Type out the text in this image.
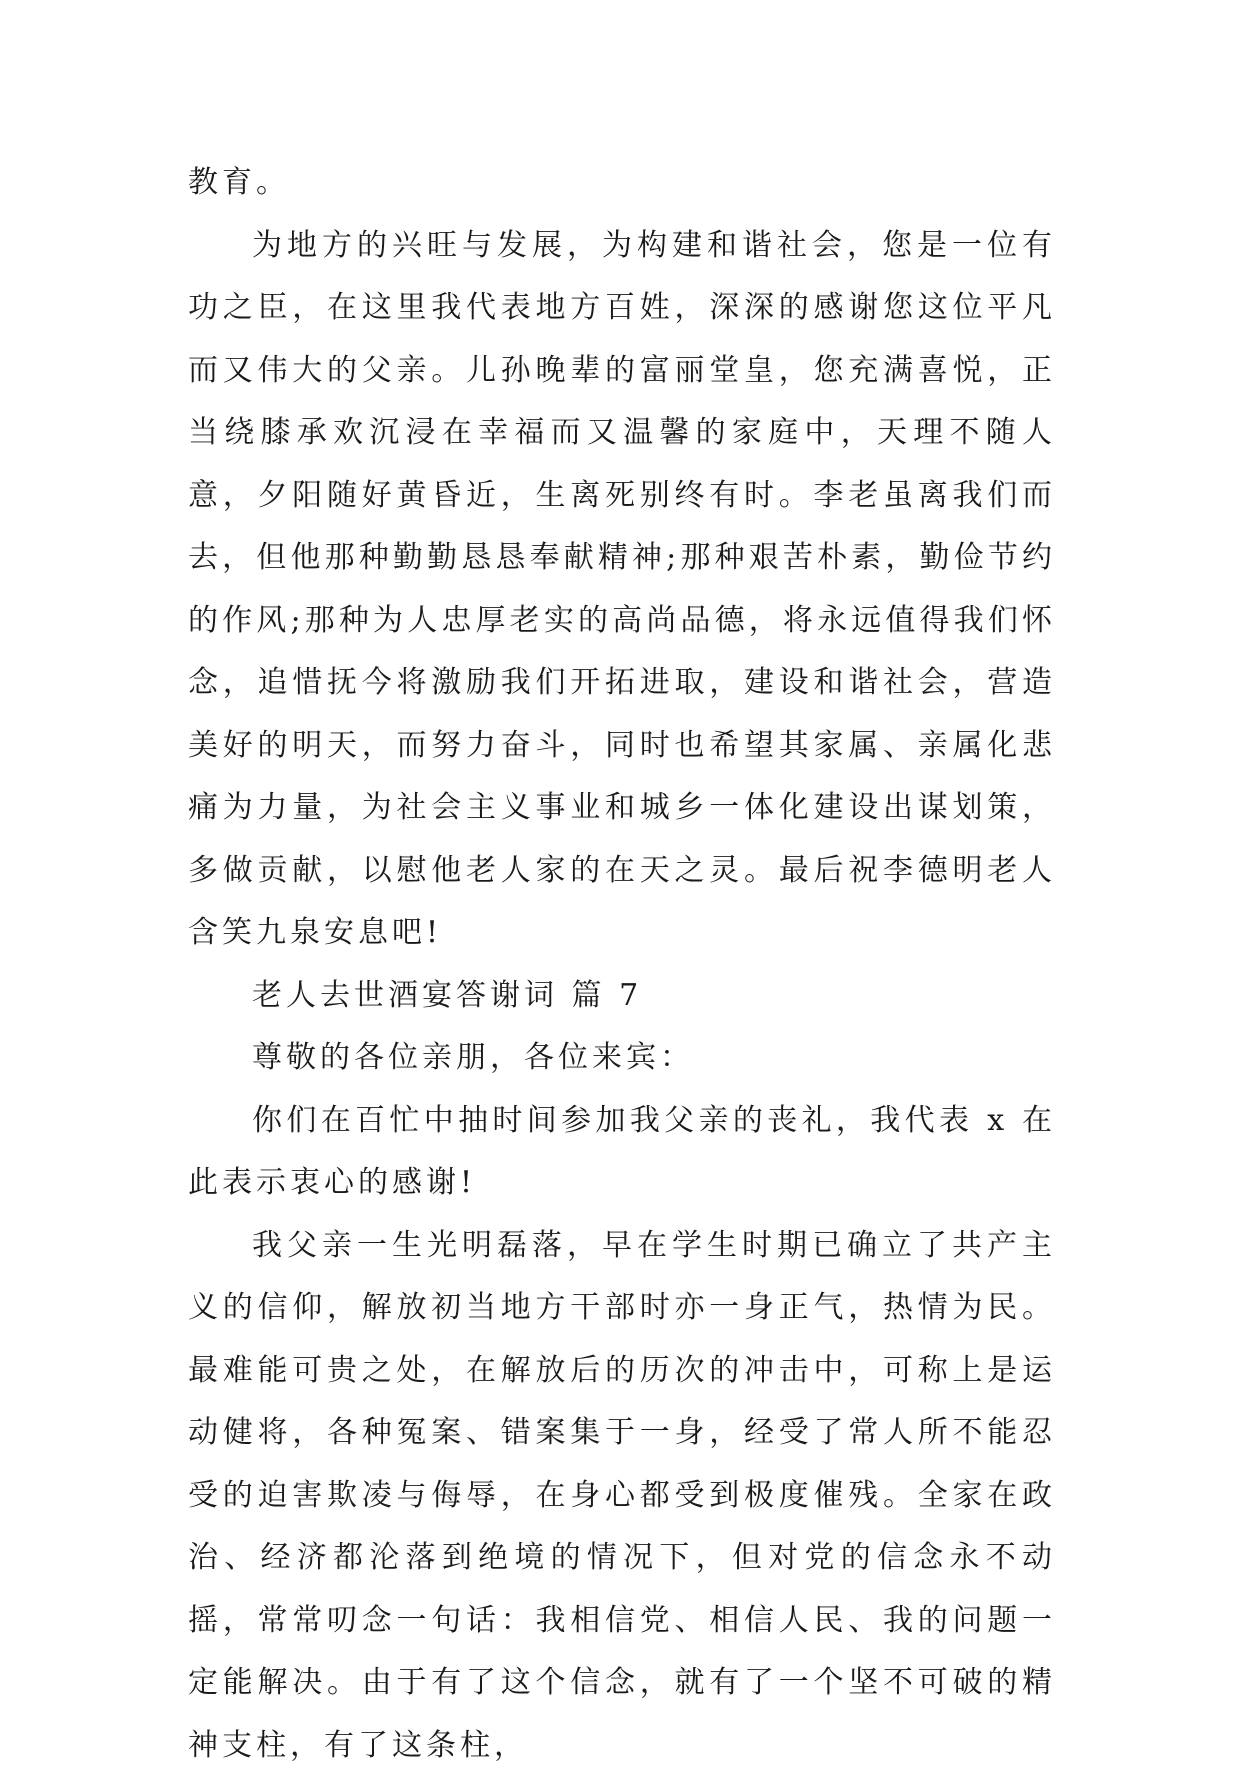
教育。

为地方的兴旺与发展，为构建和谐社会，您是一位有功之臣，在这里我代表地方百姓，深深的感谢您这位平凡而又伟大的父亲。儿孙晚辈的富丽堂皇，您充满喜悦，正当绕膝承欢沉浸在幸福而又温馨的家庭中，天理不随人意，夕阳随好黄昏近，生离死别终有时。李老虽离我们而去，但他那种勤勤恳恳奉献精神;那种艰苦朴素，勤俭节约的作风;那种为人忠厚老实的高尚品德，将永远值得我们怀念，追惜抚今将激励我们开拓进取，建设和谐社会，营造美好的明天，而努力奋斗，同时也希望其家属、亲属化悲痛为力量，为社会主义事业和城乡一体化建设出谋划策，多做贡献，以慰他老人家的在天之灵。最后祝李德明老人含笑九泉安息吧!

老人去世酒宴答谢词 篇 7

尊敬的各位亲朋，各位来宾：

你们在百忙中抽时间参加我父亲的丧礼，我代表 x 在此表示衷心的感谢!

我父亲一生光明磊落，早在学生时期已确立了共产主义的信仰，解放初当地方干部时亦一身正气，热情为民。最难能可贵之处，在解放后的历次的冲击中，可称上是运动健将，各种冤案、错案集于一身，经受了常人所不能忍受的迫害欺凌与侮辱，在身心都受到极度催残。全家在政治、经济都沦落到绝境的情况下，但对党的信念永不动摇，常常叨念一句话：我相信党、相信人民、我的问题一定能解决。由于有了这个信念，就有了一个坚不可破的精神支柱，有了这条柱，
